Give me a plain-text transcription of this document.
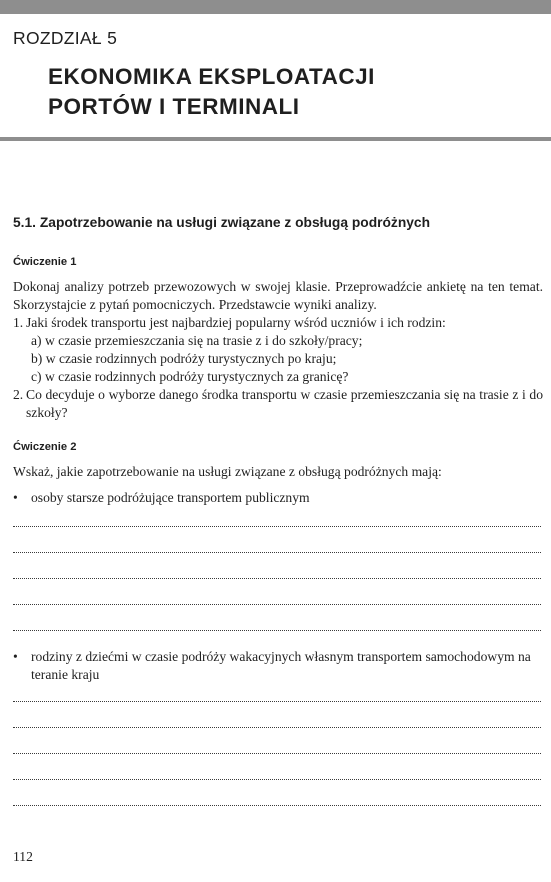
ROZDZIAŁ 5
EKONOMIKA EKSPLOATACJI
PORTÓW I TERMINALI
5.1. Zapotrzebowanie na usługi związane z obsługą podróżnych
Ćwiczenie 1

Dokonaj analizy potrzeb przewozowych w swojej klasie. Przeprowadźcie ankietę na ten temat. Skorzystajcie z pytań pomocniczych. Przedstawcie wyniki analizy.

1. Jaki środek transportu jest najbardziej popularny wśród uczniów i ich rodzin:
a) w czasie przemieszczania się na trasie z i do szkoły/pracy;
b) w czasie rodzinnych podróży turystycznych po kraju;
c) w czasie rodzinnych podróży turystycznych za granicę?
2. Co decyduje o wyborze danego środka transportu w czasie przemieszczania się na trasie z i do szkoły?
Ćwiczenie 2

Wskaż, jakie zapotrzebowanie na usługi związane z obsługą podróżnych mają:

• osoby starsze podróżujące transportem publicznym
• rodziny z dziećmi w czasie podróży wakacyjnych własnym transportem samochodowym na teranie kraju
112
